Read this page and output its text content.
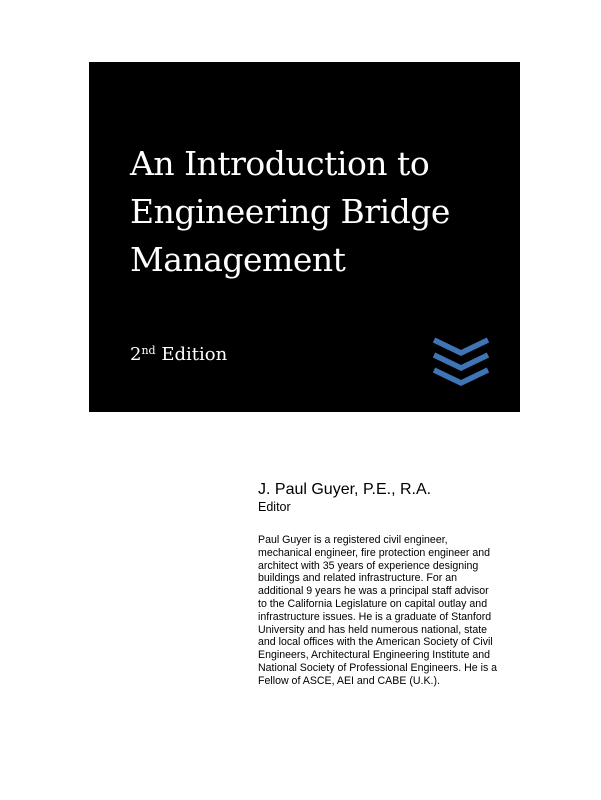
An Introduction to
Engineering Bridge
Management
2nd Edition
J. Paul Guyer, P.E., R.A.
Editor
Paul Guyer is a registered civil engineer, mechanical engineer, fire protection engineer and architect with 35 years of experience designing buildings and related infrastructure. For an additional 9 years he was a principal staff advisor to the California Legislature on capital outlay and infrastructure issues. He is a graduate of Stanford University and has held numerous national, state and local offices with the American Society of Civil Engineers, Architectural Engineering Institute and National Society of Professional Engineers. He is a Fellow of ASCE, AEI and CABE (U.K.).
